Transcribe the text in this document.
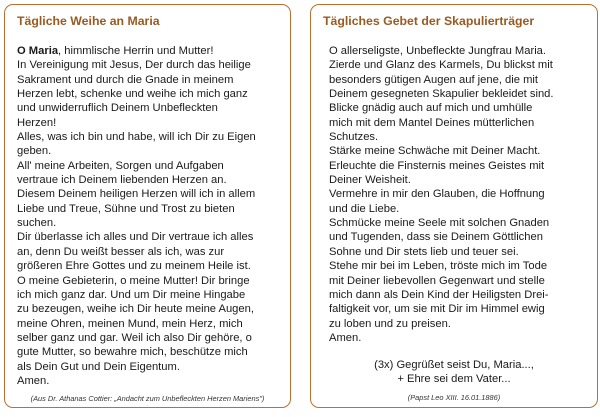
Tägliche Weihe an Maria
O Maria, himmlische Herrin und Mutter!
In Vereinigung mit Jesus, Der durch das heilige
Sakrament und durch die Gnade in meinem
Herzen lebt, schenke und weihe ich mich ganz
und unwiderruflich Deinem Unbefleckten
Herzen!
Alles, was ich bin und habe, will ich Dir zu Eigen
geben.
All' meine Arbeiten, Sorgen und Aufgaben
vertraue ich Deinem liebenden Herzen an.
Diesem Deinem heiligen Herzen will ich in allem
Liebe und Treue, Sühne und Trost zu bieten
suchen.
Dir überlasse ich alles und Dir vertraue ich alles
an, denn Du weißt besser als ich, was zur
größeren Ehre Gottes und zu meinem Heile ist.
O meine Gebieterin, o meine Mutter! Dir bringe
ich mich ganz dar. Und um Dir meine Hingabe
zu bezeugen, weihe ich Dir heute meine Augen,
meine Ohren, meinen Mund, mein Herz, mich
selber ganz und gar. Weil ich also Dir gehöre, o
gute Mutter, so bewahre mich, beschütze mich
als Dein Gut und Dein Eigentum.
Amen.
(Aus Dr. Athanas Cottier: „Andacht zum Unbefleckten Herzen Mariens")
Tägliches Gebet der Skapulierträger
O allerseligste, Unbefleckte Jungfrau Maria.
Zierde und Glanz des Karmels, Du blickst mit
besonders gütigen Augen auf jene, die mit
Deinem gesegneten Skapulier bekleidet sind.
Blicke gnädig auch auf mich und umhülle
mich mit dem Mantel Deines mütterlichen
Schutzes.
Stärke meine Schwäche mit Deiner Macht.
Erleuchte die Finsternis meines Geistes mit
Deiner Weisheit.
Vermehre in mir den Glauben, die Hoffnung
und die Liebe.
Schmücke meine Seele mit solchen Gnaden
und Tugenden, dass sie Deinem Göttlichen
Sohne und Dir stets lieb und teuer sei.
Stehe mir bei im Leben, tröste mich im Tode
mit Deiner liebevollen Gegenwart und stelle
mich dann als Dein Kind der Heiligsten Drei-
faltigkeit vor, um sie mit Dir im Himmel ewig
zu loben und zu preisen.
Amen.
(3x) Gegrüßet seist Du, Maria...,
+ Ehre sei dem Vater...
(Papst Leo XIII. 16.01.1886)
